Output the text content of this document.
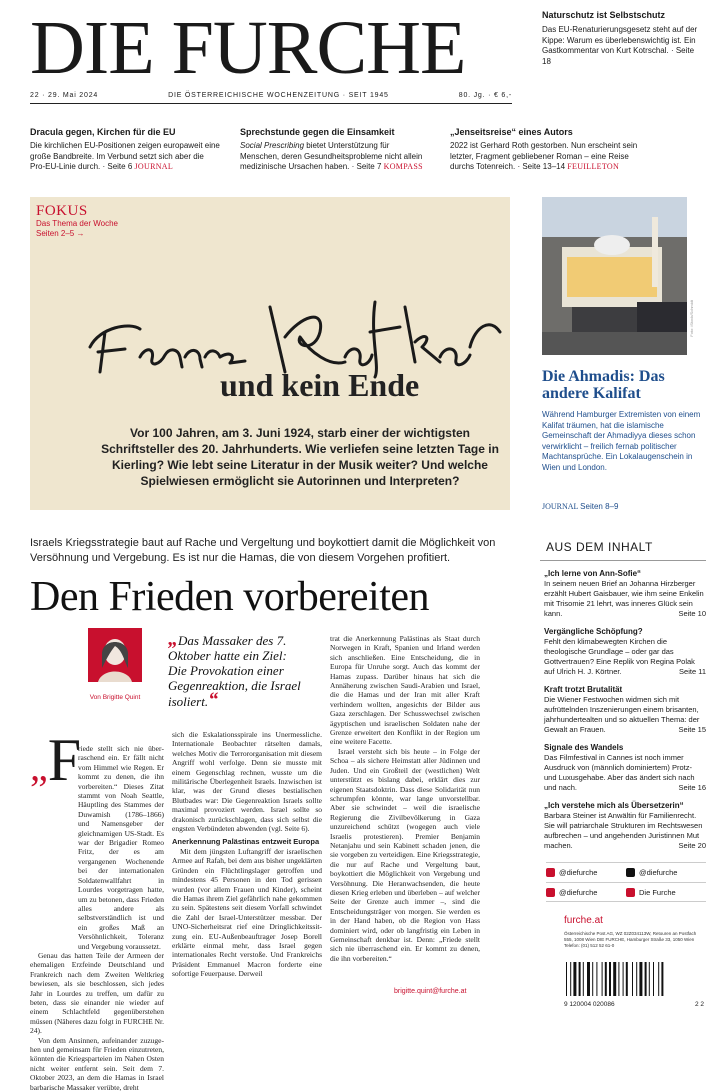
DIE FURCHE
22 · 29. Mai 2024	DIE ÖSTERREICHISCHE WOCHENZEITUNG · SEIT 1945	80. Jg. · € 6,-
Naturschutz ist Selbstschutz
Das EU-Renaturierungsgesetz steht auf der Kippe: Warum es überlebenswichtig ist. Ein Gastkommentar von Kurt Kotrschal. · Seite 18
Dracula gegen, Kirchen für die EU
Die kirchlichen EU-Positionen zeigen europaweit eine große Bandbreite. Im Verbund setzt sich aber die Pro-EU-Linie durch. · Seite 6 JOURNAL
Sprechstunde gegen die Einsamkeit
Social Prescribing bietet Unterstützung für Menschen, deren Gesundheitsprobleme nicht allein medizinische Ursachen haben. · Seite 7 KOMPASS
„Jenseitsreise“ eines Autors
2022 ist Gerhard Roth gestorben. Nun erscheint sein letzter, Fragment gebliebener Roman – eine Reise durchs Totenreich. · Seite 13–14 FEUILLETON
FOKUS
Das Thema der Woche
Seiten 2–5 →
und kein Ende
Vor 100 Jahren, am 3. Juni 1924, starb einer der wichtigsten Schriftsteller des 20. Jahrhunderts. Wie verliefen seine letzten Tage in Kierling? Wie lebt seine Literatur in der Musik weiter? Und welche Spielwiesen ermöglicht sie Autorinnen und Interpreten?
Foto: iStock/Schmidt
Die Ahmadis: Das andere Kalifat
Während Hamburger Extremisten von einem Kalifat träumen, hat die islamische Gemeinschaft der Ahmadiyya dieses schon verwirklicht – freilich fernab politischer Machtansprüche. Ein Lokalaugenschein in Wien und London.
JOURNAL Seiten 8–9
Israels Kriegsstrategie baut auf Rache und Vergeltung und boykottiert damit die Möglichkeit von Versöhnung und Vergebung. Es ist nur die Hamas, die von diesem Vorgehen profitiert.
Den Frieden vorbereiten
Von Brigitte Quint
„Das Massaker des 7. Oktober hatte ein Ziel: Die Provokation einer Gegenreaktion, die Israel isoliert.“
„F
riede stellt sich nie überraschend ein. Er fällt nicht vom Himmel wie Regen. Er kommt zu denen, die ihn vorbereiten.“ Dieses Zitat stammt von Noah Seattle, Häuptling des Stammes der Duwamish (1786–1866) und Namensgeber der gleichnamigen US-Stadt. Es war der Brigadier Romeo Fritz, der es am vergangenen Wochenende bei der internationalen Soldatenwallfahrt in Lourdes vorgetragen hatte, um zu betonen, dass Frieden alles andere als selbstverständlich ist und ein großes Maß an Versöhnlichkeit, Toleranz und Vergebung voraussetzt.

Genau das hatten Teile der Armeen der ehemaligen Erzfeinde Deutschland und Frankreich nach dem Zweiten Weltkrieg bewiesen, als sie beschlossen, sich jedes Jahr in Lourdes zu treffen, um dafür zu beten, dass sie einander nie wieder auf einem Schlachtfeld gegenüberstehen müssen (Näheres dazu folgt in FURCHE Nr. 24).

Von dem Ansinnen, aufeinander zuzugehen und gemeinsam für Frieden einzutreten, könnten die Kriegsparteien im Nahen Osten nicht weiter entfernt sein. Seit dem 7. Oktober 2023, an dem die Hamas in Israel barbarische Massaker verübte, dreht

sich die Eskalationsspirale ins Unermessliche. Internationale Beobachter rätselten damals, welches Motiv die Terrororganisation mit diesem Angriff wohl verfolge. Denn sie musste mit einem Gegenschlag rechnen, wusste um die militärische Überlegenheit Israels. Inzwischen ist klar, was der Grund dieses bestialischen Blutbades war: Die Gegenreaktion Israels sollte maximal provoziert werden. Israel sollte so drakonisch zurückschlagen, dass sich selbst die engsten Verbündeten abwenden (vgl. Seite 6).
Anerkennung Palästinas entzweit Europa

Mit dem jüngsten Luftangriff der israelischen Armee auf Rafah, bei dem aus bisher ungeklärten Gründen ein Flüchtlingslager getroffen und mindestens 45 Personen in den Tod gerissen wurden (vor allem Frauen und Kinder), scheint die Hamas ihrem Ziel gefährlich nahe gekommen zu sein. Spätestens seit diesem Vorfall schwindet die Zahl der Israel-Unterstützer messbar. Der UNO-Sicherheitsrat rief eine Dringlichkeitssitzung ein. EU-Außenbeauftrager Josep Borell erklärte einmal mehr, dass Israel gegen internationales Recht verstoße. Und Frankreichs Präsident Emmanuel Macron forderte eine sofortige Feuerpause. Derweil

trat die Anerkennung Palästinas als Staat durch Norwegen in Kraft, Spanien und Irland werden sich anschließen. Eine Entscheidung, die in Europa für Unruhe sorgt. Auch das kommt der Hamas zupass. Darüber hinaus hat sich die Annäherung zwischen Saudi-Arabien und Israel, die die Hamas und der Iran mit aller Kraft verhindern wollten, angesichts der Bilder aus Gaza zerschlagen. Der Schusswechsel zwischen ägyptischen und israelischen Soldaten nahe der Grenze erweitert den Konflikt in der Region um eine weitere Facette.

Israel versteht sich bis heute – in Folge der Schoa – als sichere Heimstatt aller Jüdinnen und Juden. Und ein Großteil der (westlichen) Welt unterstützt es bislang dabei, erklärt dies zur eigenen Staatsdoktrin. Dass diese Solidarität nun schrumpfen könnte, war lange unvorstellbar. Aber sie schwindet – weil die israelische Regierung die Zivilbevölkerung in Gaza unzureichend schützt (wogegen auch viele Israelis protestieren). Premier Benjamin Netanjahu und sein Kabinett schaden jenen, die sie vorgeben zu verteidigen. Eine Kriegsstrategie, die nur auf Rache und Vergeltung baut, boykottiert die Möglichkeit von Vergebung und Versöhnung. Die Heranwachsenden, die heute diesen Krieg erleben und überleben – auf welcher Seite der Grenze auch immer –, sind die Entscheidungsträger von morgen. Sie werden es in der Hand haben, ob die Region von Hass dominiert wird, oder ob langfristig ein Leben in Gemeinschaft denkbar ist. Denn: „Friede stellt sich nie überraschend ein. Er kommt zu denen, die ihn vorbereiten.“

brigitte.quint@furche.at
AUS DEM INHALT
„Ich lerne von Ann-Sofie“
In seinem neuen Brief an Johanna Hirzberger erzählt Hubert Gaisbauer, wie ihm seine Enkelin mit Trisomie 21 lehrt, was inneres Glück sein kann.	Seite 10
Vergängliche Schöpfung?
Fehlt den klimabewegten Kirchen die theologische Grundlage – oder gar das Gottvertrauen? Eine Replik von Regina Polak auf Ulrich H. J. Körtner.	Seite 11
Kraft trotzt Brutalität
Die Wiener Festwochen widmen sich mit aufrüttelnden Inszenierungen einem brisanten, jahrhundertealten und so aktuellen Thema: der Gewalt an Frauen.	Seite 15
Signale des Wandels
Das Filmfestival in Cannes ist noch immer Ausdruck von (männlich dominiertem) Protz- und Luxusgehabe. Aber das ändert sich nach und nach.	Seite 16
„Ich verstehe mich als Übersetzerin“
Barbara Steiner ist Anwältin für Familienrecht. Sie will patriarchale Strukturen im Rechtswesen aufbrechen – und angehenden Juristinnen Mut machen.	Seite 20
@diefurche	@diefurche
@diefurche	Die Furche
furche.at
Österreichische Post AG, WZ 02Z034113W, Retouren an Postfach 555, 1008 Wien DIE FURCHE, Hamburger Straße 33, 1050 Wien Telefon: (01) 512 52 61-0
9 120004 020086	2 2
